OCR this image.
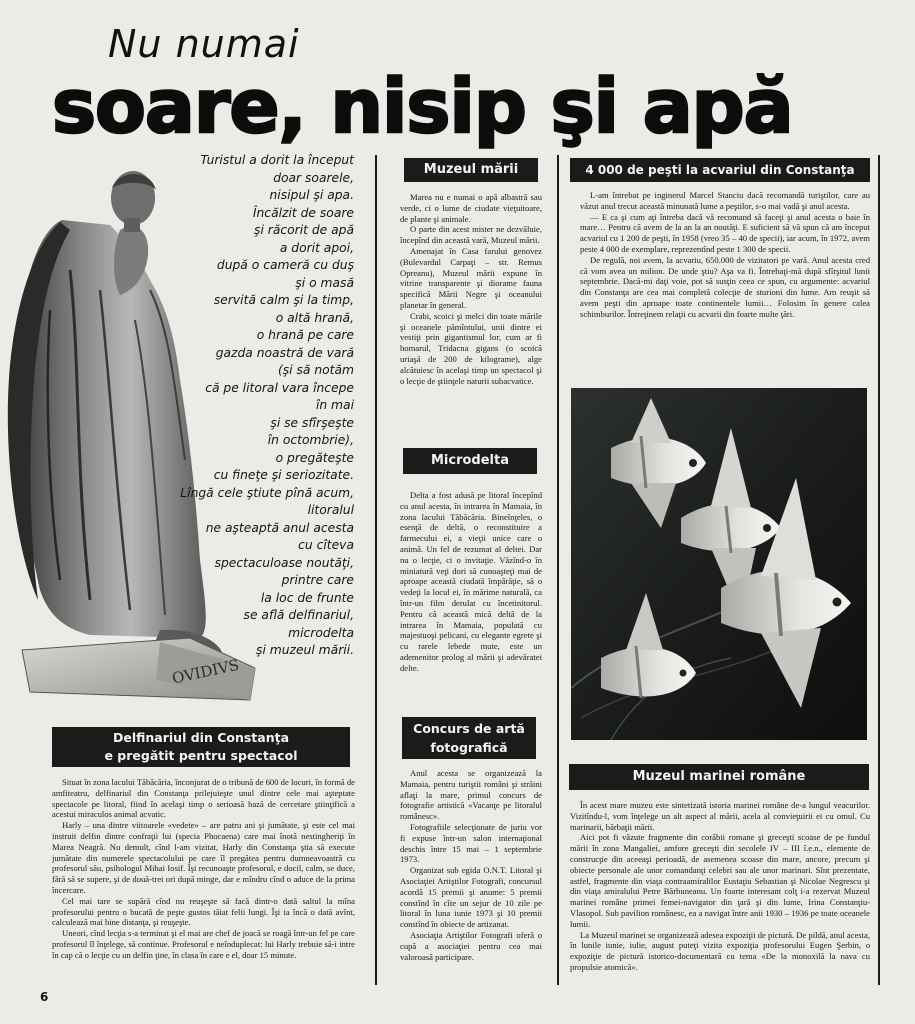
Nu numai
soare, nisip şi apă
OVIDIVS
Turistul a dorit la început
doar soarele,
nisipul şi apa.
Încălzit de soare
şi răcorit de apă
a dorit apoi,
după o cameră cu duş
şi o masă
servită calm şi la timp,
o altă hrană,
o hrană pe care
gazda noastră de vară
(şi să notăm
că pe litoral vara începe
în mai
şi se sfîrşeşte
în octombrie),
o pregăteşte
cu fineţe şi seriozitate.
Lîngă cele ştiute pînă acum,
litoralul
ne aşteaptă anul acesta
cu cîteva
spectaculoase noutăţi,
printre care
la loc de frunte
se află delfinariul,
microdelta
şi muzeul mării.
Muzeul mării

Marea nu e numai o apă albastră sau verde, ci o lume de ciudate vieţuitoare, de plante şi animale.

O parte din acest mister ne dezvăluie, începînd din această vară, Muzeul mării.

Amenajat în Casa farului genovez (Bulevardul Carpaţi – str. Remus Opreanu), Muzeul mării expune în vitrine transparente şi diorame fauna specifică Mării Negre şi oceanului planetar în general.

Crabi, scoici şi melci din toate mările şi oceanele pămîntului, unii dintre ei vestiţi prin gigantismul lor, cum ar fi homarul, Tridacna gigans (o scoică uriaşă de 200 de kilograme), alge alcătuiesc în acelaşi timp un spectacol şi o lecţie de ştiinţele naturii subacvatice.

Microdelta

Delta a fost adusă pe litoral începînd cu anul acesta, în intrarea în Mamaia, în zona lacului Tăbăcăria. Bineînţeles, o esenţă de deltă, o reconstituire a farmecului ei, a vieţii unice care o animă. Un fel de rezumat al deltei. Dar nu o lecţie, ci o invitaţie. Văzînd-o în miniatură veţi dori să cunoaşteţi mai de aproape această ciudată împărăţie, să o vedeţi la locul ei, în mărime naturală, ca într-un film derulat cu încetinitorul. Pentru că această mică deltă de la intrarea în Mamaia, populată cu majestuoşi pelicani, cu elegante egrete şi cu rarele lebede mute, este un ademenitor prolog al mării şi adevăratei delte.

Concurs de artă
fotografică

Anul acesta se organizează la Mamaia, pentru turiştii români şi străini aflaţi la mare, primul concurs de fotografie artistică «Vacanţe pe litoralul românesc».

Fotografiile selecţionate de juriu vor fi expuse într-un salon internaţional deschis între 15 mai – 1 septembrie 1973.

Organizat sub egida O.N.T. Litoral şi Asociaţiei Artiştilor Fotografi, concursul acordă 15 premii şi anume: 5 premii constînd în cîte un sejur de 10 zile pe litoral în luna iunie 1973 şi 10 premii constînd în obiecte de artizanat.

Asociaţia Artiştilor Fotografi oferă o cupă a asociaţiei pentru cea mai valoroasă participare.

4 000 de peşti la acvariul din Constanţa

L-am întrebat pe inginerul Marcel Stanciu dacă recomandă turiştilor, care au văzut anul trecut această minunată lume a peştilor, s-o mai vadă şi anul acesta.

— E ca şi cum aţi întreba dacă vă recomand să faceţi şi anul acesta o baie în mare… Pentru că avem de la an la an noutăţi. E suficient să vă spun că am început acvariul cu 1 200 de peşti, în 1958 (vreo 35 – 40 de specii), iar acum, în 1972, avem peste 4 000 de exemplare, reprezentînd peste 1 300 de specii.

De regulă, noi avem, la acvariu, 650.000 de vizitatori pe vară. Anul acesta cred că vom avea un milion. De unde ştiu? Aşa va fi. Întrebaţi-mă după sfîrşitul lunii septembrie. Dacă-mi daţi voie, pot să susţin ceea ce spun, cu argumente: acvariul din Constanţa are cea mai completă colecţie de sturioni din lume. Am reuşit să avem peşti din aproape toate continentele lumii… Folosim în genere calea schimburilor. Întreţinem relaţii cu acvarii din foarte multe ţări.

Muzeul marinei române

În acest mare muzeu este sintetizată istoria marinei române de-a lungul veacurilor. Vizitîndu-l, vom înţelege un alt aspect al mării, acela al convieţuirii ei cu omul. Cu marinarii, bărbaţii mării.

Aici pot fi văzute fragmente din corăbii romane şi greceşti scoase de pe fundul mării în zona Mangaliei, amfore greceşti din secolele IV – III î.e.n., elemente de construcţie din aceeaşi perioadă, de asemenea scoase din mare, ancore, precum şi obiecte personale ale unor comandanţi celebri sau ale unor marinari. Sînt prezentate, astfel, fragmente din viaţa contraamiralilor Eustaţiu Sebastian şi Nicolae Negrescu şi din viaţa amiralului Petre Bărbuneanu. Un foarte interesant colţ i-a rezervat Muzeul marinei române primei femei-navigator din ţară şi din lume, Irina Constanţiu-Vlasopol. Sub pavilion românesc, ea a navigat între anii 1930 – 1936 pe toate oceanele lumii.

La Muzeul marinei se organizează adesea expoziţii de pictură. De pildă, anul acesta, în lunile iunie, iulie, august puteţi vizita expoziţia profesorului Eugen Şerbin, o expoziţie de pictură istorico-documentară cu tema «De la monoxilă la nava cu propulsie atomică».

Delfinariul din Constanţa
e pregătit pentru spectacol

Situat în zona lacului Tăbăcăria, înconjurat de o tribună de 600 de locuri, în formă de amfiteatru, delfinariul din Constanţa prilejuieşte unul dintre cele mai aşteptate spectacole pe litoral, fiind în acelaşi timp o serioasă bază de cercetare ştiinţifică a acestui miraculos animal acvatic.

Harly – una dintre viitoarele «vedete» – are patru ani şi jumătate, şi este cel mai instruit delfin dintre confraţii lui (specia Phocaena) care mai înotă nestingheriţi în Marea Neagră. Nu demult, cînd l-am vizitat, Harly din Constanţa ştia să execute jumătate din numerele spectacolului pe care îl pregătea pentru dumneavoastră cu profesorul său, psihologul Mihai Iosif. Îşi recunoaşte profesorul, e docil, calm, se duce, fără să se supere, şi de două-trei ori după minge, dar e mîndru cînd o aduce de la prima încercare.

Cel mai tare se supără cînd nu reuşeşte să facă dintr-o dată saltul la mîna profesorului pentru o bucată de peşte gustos tăiat felii lungi. Îşi ia încă o dată avînt, calculează mai bine distanţa, şi reuşeşte.

Uneori, cînd lecţia s-a terminat şi el mai are chef de joacă se roagă într-un fel pe care profesorul îl înţelege, să continue. Profesorul e neînduplecat: lui Harly trebuie să-i intre în cap că o lecţie cu un delfin ţine, în clasa în care e el, doar 15 minute.

6
